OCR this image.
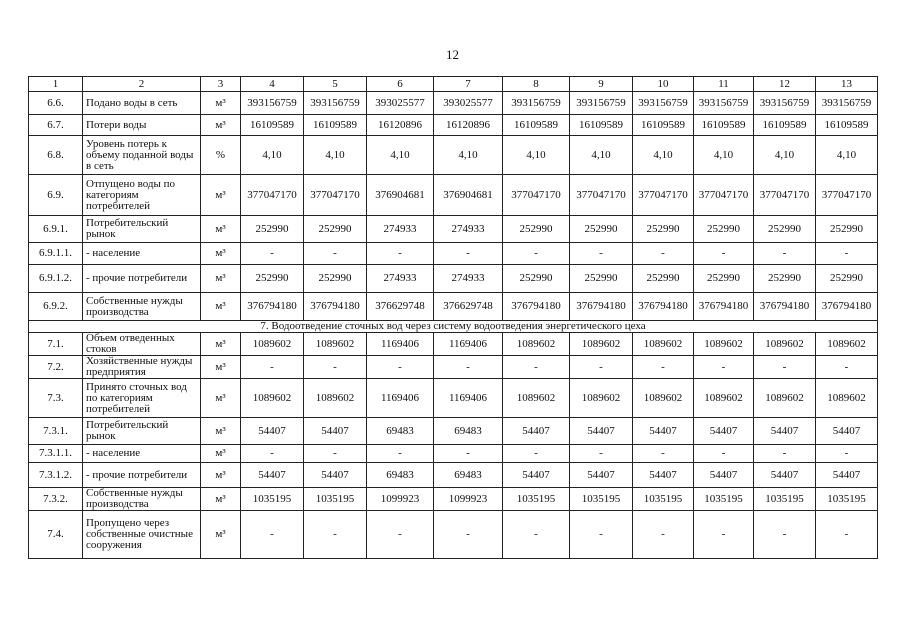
12
1	2	3	4	5	6	7	8	9	10	11	12	13
6.6.	Подано воды в сеть	м³	393156759	393156759	393025577	393025577	393156759	393156759	393156759	393156759	393156759	393156759
6.7.	Потери воды	м³	16109589	16109589	16120896	16120896	16109589	16109589	16109589	16109589	16109589	16109589
6.8.	Уровень потерь к объему поданной воды в сеть	%	4,10	4,10	4,10	4,10	4,10	4,10	4,10	4,10	4,10	4,10
6.9.	Отпущено воды по категориям потребителей	м³	377047170	377047170	376904681	376904681	377047170	377047170	377047170	377047170	377047170	377047170
6.9.1.	Потребительский рынок	м³	252990	252990	274933	274933	252990	252990	252990	252990	252990	252990
6.9.1.1.	- население	м³	-	-	-	-	-	-	-	-	-	-
6.9.1.2.	- прочие потребители	м³	252990	252990	274933	274933	252990	252990	252990	252990	252990	252990
6.9.2.	Собственные нужды производства	м³	376794180	376794180	376629748	376629748	376794180	376794180	376794180	376794180	376794180	376794180
7. Водоотведение сточных вод через систему водоотведения энергетического цеха												
7.1.	Объем отведенных стоков	м³	1089602	1089602	1169406	1169406	1089602	1089602	1089602	1089602	1089602	1089602
7.2.	Хозяйственные нужды предприятия	м³	-	-	-	-	-	-	-	-	-	-
7.3.	Принято сточных вод по категориям потребителей	м³	1089602	1089602	1169406	1169406	1089602	1089602	1089602	1089602	1089602	1089602
7.3.1.	Потребительский рынок	м³	54407	54407	69483	69483	54407	54407	54407	54407	54407	54407
7.3.1.1.	- население	м³	-	-	-	-	-	-	-	-	-	-
7.3.1.2.	- прочие потребители	м³	54407	54407	69483	69483	54407	54407	54407	54407	54407	54407
7.3.2.	Собственные нужды производства	м³	1035195	1035195	1099923	1099923	1035195	1035195	1035195	1035195	1035195	1035195
7.4.	Пропущено через собственные очистные сооружения	м³	-	-	-	-	-	-	-	-	-	-
